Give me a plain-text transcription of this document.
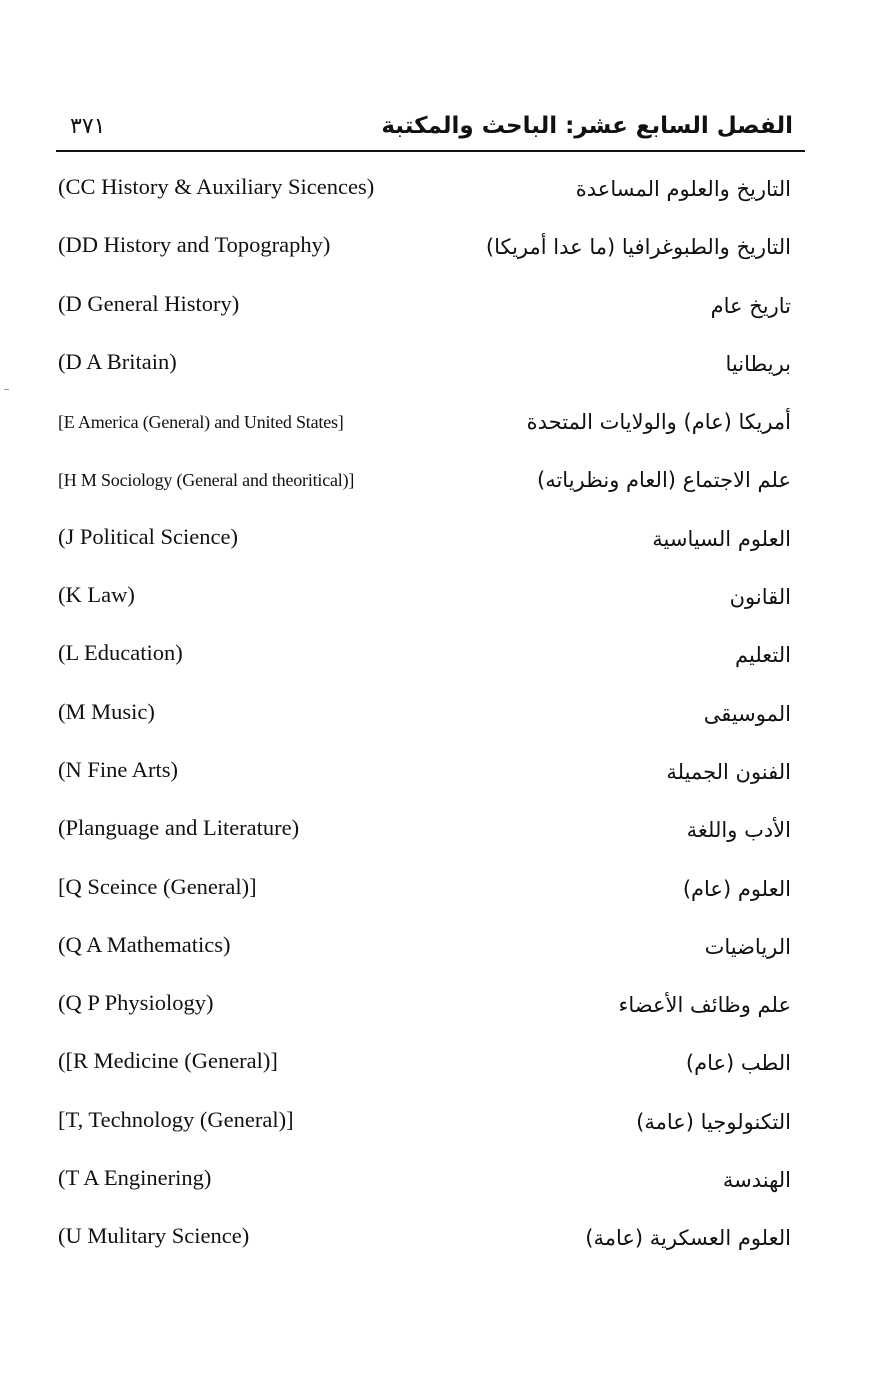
٣٧١	الفصل السابع عشر: الباحث والمكتبة
(CC History & Auxiliary Sicences)	التاريخ والعلوم المساعدة
(DD History and Topography)	التاريخ والطبوغرافيا (ما عدا أمريكا)
(D General History)	تاريخ عام
(D A Britain)	بريطانيا
[E America (General) and United States]	أمريكا (عام) والولايات المتحدة
[H M Sociology (General and theoritical)]	علم الاجتماع (العام ونظرياته)
(J Political Science)	العلوم السياسية
(K Law)	القانون
(L Education)	التعليم
(M Music)	الموسيقى
(N Fine Arts)	الفنون الجميلة
(Planguage and Literature)	الأدب واللغة
[Q Sceince (General)]	العلوم (عام)
(Q A Mathematics)	الرياضيات
(Q P Physiology)	علم وظائف الأعضاء
([R Medicine (General)]	الطب (عام)
[T, Technology (General)]	التكنولوجيا (عامة)
(T A Enginering)	الهندسة
(U Mulitary Science)	العلوم العسكرية (عامة)
